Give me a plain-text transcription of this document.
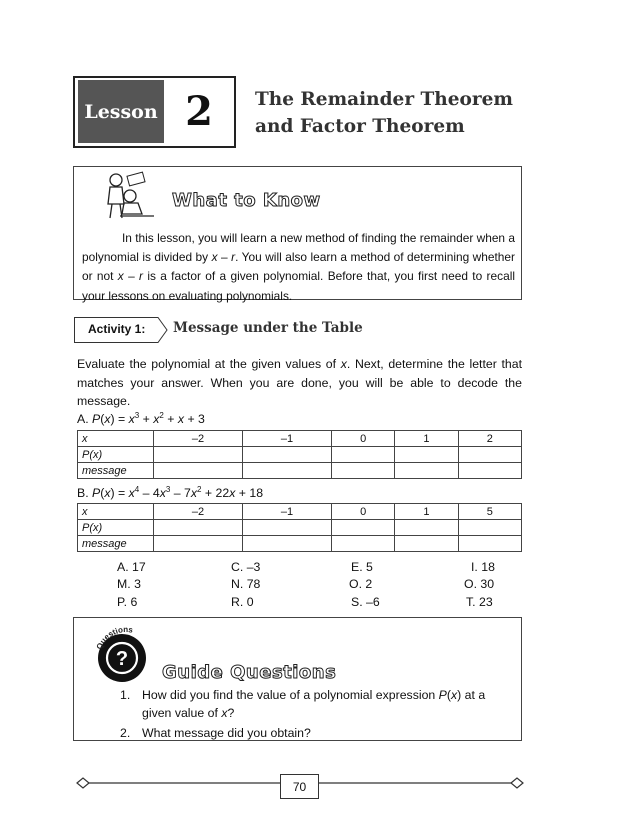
Lesson 2	The Remainder Theorem
and Factor Theorem
What to Know
In this lesson, you will learn a new method of finding the remainder when a polynomial is divided by x – r. You will also learn a method of determining whether or not x – r is a factor of a given polynomial. Before that, you first need to recall your lessons on evaluating polynomials.
Activity 1: Message under the Table
Evaluate the polynomial at the given values of x. Next, determine the letter that matches your answer. When you are done, you will be able to decode the message.
A. $P(x) = x^3 + x^2 + x + 3$
x	–2	–1	0	1	2
P(x)					
message					
B. $P(x) = x^4 - 4x^3 - 7x^2 + 22x + 18$
x	–2	–1	0	1	5
P(x)					
message					
A. 17	C. –3	E. 5	I. 18
M. 3	N. 78	O. 2	O. 30
P. 6	R. 0	S. –6	T. 23
?
Questions
Guide Questions
1. How did you find the value of a polynomial expression P(x) at a given value of x?
2. What message did you obtain?
70
